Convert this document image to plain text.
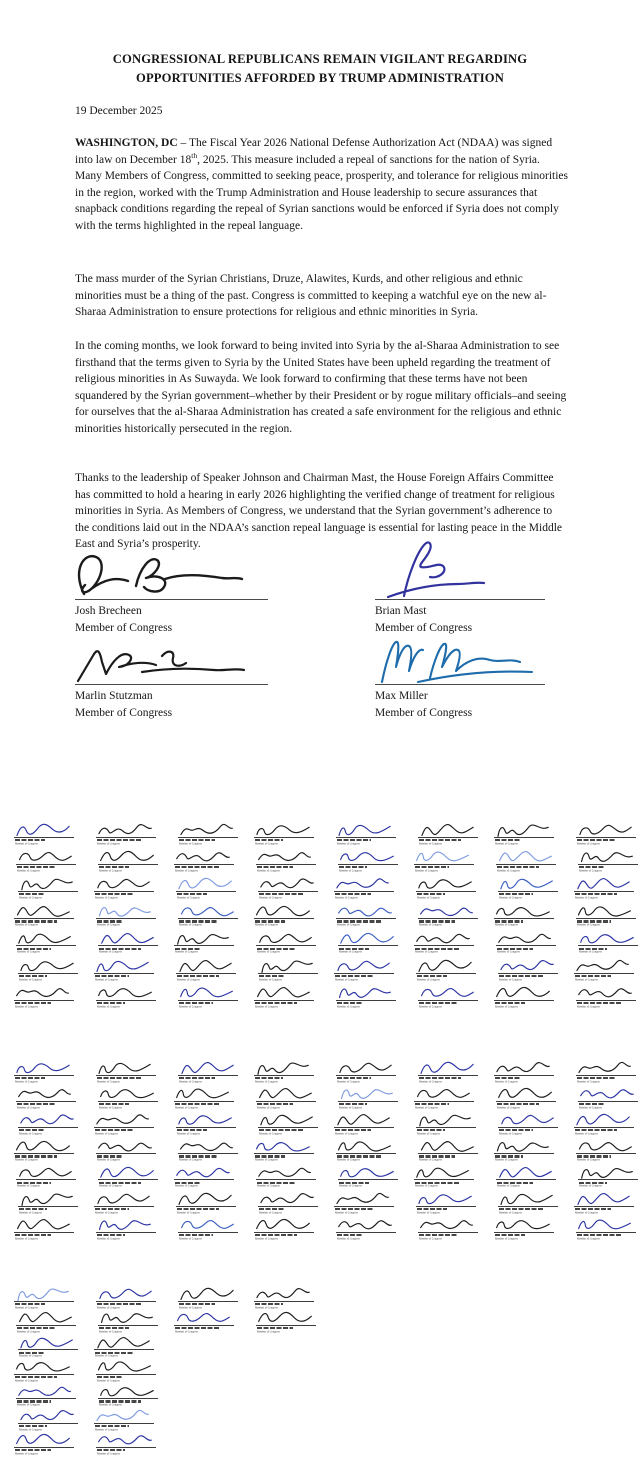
CONGRESSIONAL REPUBLICANS REMAIN VIGILANT REGARDING
OPPORTUNITIES AFFORDED BY TRUMP ADMINISTRATION
19 December 2025
WASHINGTON, DC – The Fiscal Year 2026 National Defense Authorization Act (NDAA) was signed into law on December 18th, 2025. This measure included a repeal of sanctions for the nation of Syria. Many Members of Congress, committed to seeking peace, prosperity, and tolerance for religious minorities in the region, worked with the Trump Administration and House leadership to secure assurances that snapback conditions regarding the repeal of Syrian sanctions would be enforced if Syria does not comply with the terms highlighted in the repeal language.
The mass murder of the Syrian Christians, Druze, Alawites, Kurds, and other religious and ethnic minorities must be a thing of the past. Congress is committed to keeping a watchful eye on the new al-Sharaa Administration to ensure protections for religious and ethnic minorities in Syria.
In the coming months, we look forward to being invited into Syria by the al-Sharaa Administration to see firsthand that the terms given to Syria by the United States have been upheld regarding the treatment of religious minorities in As Suwayda. We look forward to confirming that these terms have not been squandered by the Syrian government–whether by their President or by rogue military officials–and seeing for ourselves that the al-Sharaa Administration has created a safe environment for the religious and ethnic minorities historically persecuted in the region.
Thanks to the leadership of Speaker Johnson and Chairman Mast, the House Foreign Affairs Committee has committed to hold a hearing in early 2026 highlighting the verified change of treatment for religious minorities in Syria. As Members of Congress, we understand that the Syrian government’s adherence to the conditions laid out in the NDAA’s sanction repeal language is essential for lasting peace in the Middle East and Syria’s prosperity.
Josh Brecheen
Member of Congress
Brian Mast
Member of Congress
Marlin Stutzman
Member of Congress
Max Miller
Member of Congress
Member of Congress
Member of Congress
Member of Congress
Member of Congress
Member of Congress
Member of Congress
Member of Congress
Member of Congress
Member of Congress
Member of Congress
Member of Congress
Member of Congress
Member of Congress
Member of Congress
Member of Congress
Member of Congress
Member of Congress
Member of Congress
Member of Congress
Member of Congress
Member of Congress
Member of Congress
Member of Congress
Member of Congress
Member of Congress
Member of Congress
Member of Congress
Member of Congress
Member of Congress
Member of Congress
Member of Congress
Member of Congress
Member of Congress
Member of Congress
Member of Congress
Member of Congress
Member of Congress
Member of Congress
Member of Congress
Member of Congress
Member of Congress
Member of Congress
Member of Congress
Member of Congress
Member of Congress
Member of Congress
Member of Congress
Member of Congress
Member of Congress
Member of Congress
Member of Congress
Member of Congress
Member of Congress
Member of Congress
Member of Congress
Member of Congress
Member of Congress
Member of Congress
Member of Congress
Member of Congress
Member of Congress
Member of Congress
Member of Congress
Member of Congress
Member of Congress
Member of Congress
Member of Congress
Member of Congress
Member of Congress
Member of Congress
Member of Congress
Member of Congress
Member of Congress
Member of Congress
Member of Congress
Member of Congress
Member of Congress
Member of Congress
Member of Congress
Member of Congress
Member of Congress
Member of Congress
Member of Congress
Member of Congress
Member of Congress
Member of Congress
Member of Congress
Member of Congress
Member of Congress
Member of Congress
Member of Congress
Member of Congress
Member of Congress
Member of Congress
Member of Congress
Member of Congress
Member of Congress
Member of Congress
Member of Congress
Member of Congress
Member of Congress
Member of Congress
Member of Congress
Member of Congress
Member of Congress
Member of Congress
Member of Congress
Member of Congress
Member of Congress
Member of Congress
Member of Congress
Member of Congress
Member of Congress
Member of Congress
Member of Congress
Member of Congress
Member of Congress
Member of Congress
Member of Congress
Member of Congress
Member of Congress
Member of Congress
Member of Congress
Member of Congress
Member of Congress
Member of Congress
Member of Congress
Member of Congress
Member of Congress
Member of Congress
